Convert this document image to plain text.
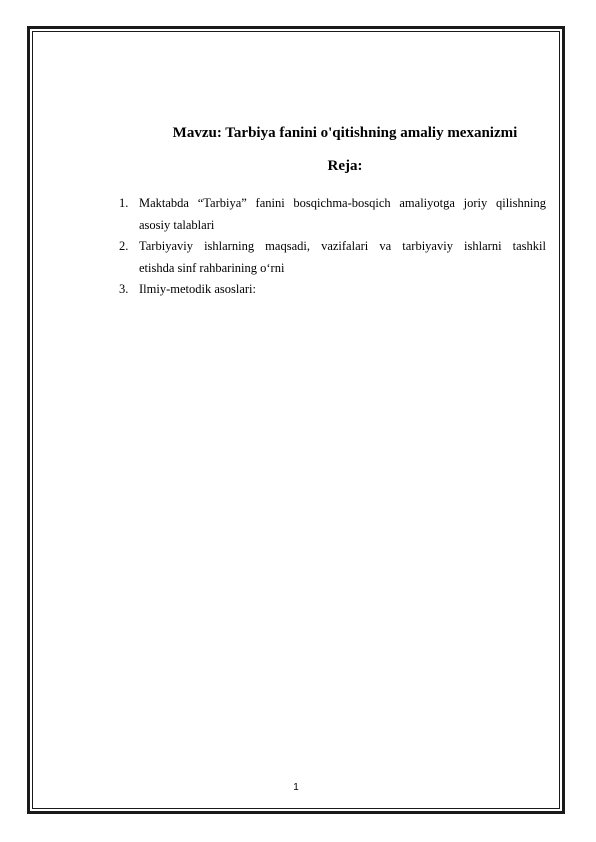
Mavzu: Tarbiya fanini o'qitishning amaliy mexanizmi
Reja:
1. Maktabda “Tarbiya” fanini bosqichma-bosqich amaliyotga joriy qilishning
asosiy talablari
2. Tarbiyaviy ishlarning maqsadi, vazifalari va tarbiyaviy ishlarni tashkil
etishda sinf rahbarining o‘rni
3. Ilmiy-metodik asoslari:
1
